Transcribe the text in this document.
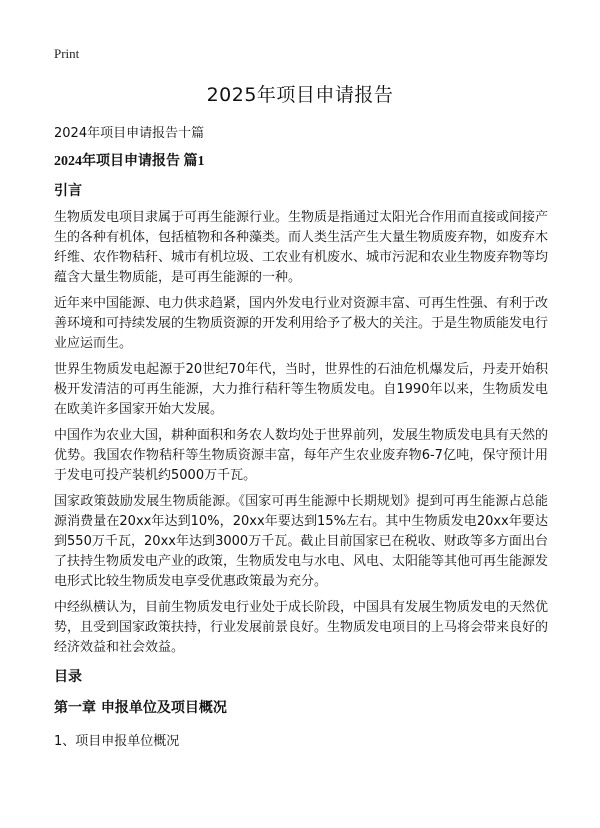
Print
2025年项目申请报告

2024年项目申请报告十篇

2024年项目申请报告 篇1
引言

生物质发电项目隶属于可再生能源行业。生物质是指通过太阳光合作用而直接或间接产生的各种有机体，包括植物和各种藻类。而人类生活产生大量生物质废弃物，如废弃木纤维、农作物秸秆、城市有机垃圾、工农业有机废水、城市污泥和农业生物废弃物等均蕴含大量生物质能，是可再生能源的一种。

近年来中国能源、电力供求趋紧，国内外发电行业对资源丰富、可再生性强、有利于改善环境和可持续发展的生物质资源的开发利用给予了极大的关注。于是生物质能发电行业应运而生。

世界生物质发电起源于20世纪70年代，当时，世界性的石油危机爆发后，丹麦开始积极开发清洁的可再生能源，大力推行秸秆等生物质发电。自1990年以来，生物质发电在欧美许多国家开始大发展。

中国作为农业大国，耕种面积和务农人数均处于世界前列，发展生物质发电具有天然的优势。我国农作物秸秆等生物质资源丰富，每年产生农业废弃物6-7亿吨，保守预计用于发电可投产装机约5000万千瓦。

国家政策鼓励发展生物质能源。《国家可再生能源中长期规划》提到可再生能源占总能源消费量在20xx年达到10%，20xx年要达到15%左右。其中生物质发电20xx年要达到550万千瓦，20xx年达到3000万千瓦。截止目前国家已在税收、财政等多方面出台了扶持生物质发电产业的政策，生物质发电与水电、风电、太阳能等其他可再生能源发电形式比较生物质发电享受优惠政策最为充分。

中经纵横认为，目前生物质发电行业处于成长阶段，中国具有发展生物质发电的天然优势，且受到国家政策扶持，行业发展前景良好。生物质发电项目的上马将会带来良好的经济效益和社会效益。

目录
第一章 申报单位及项目概况

1、项目申报单位概况
